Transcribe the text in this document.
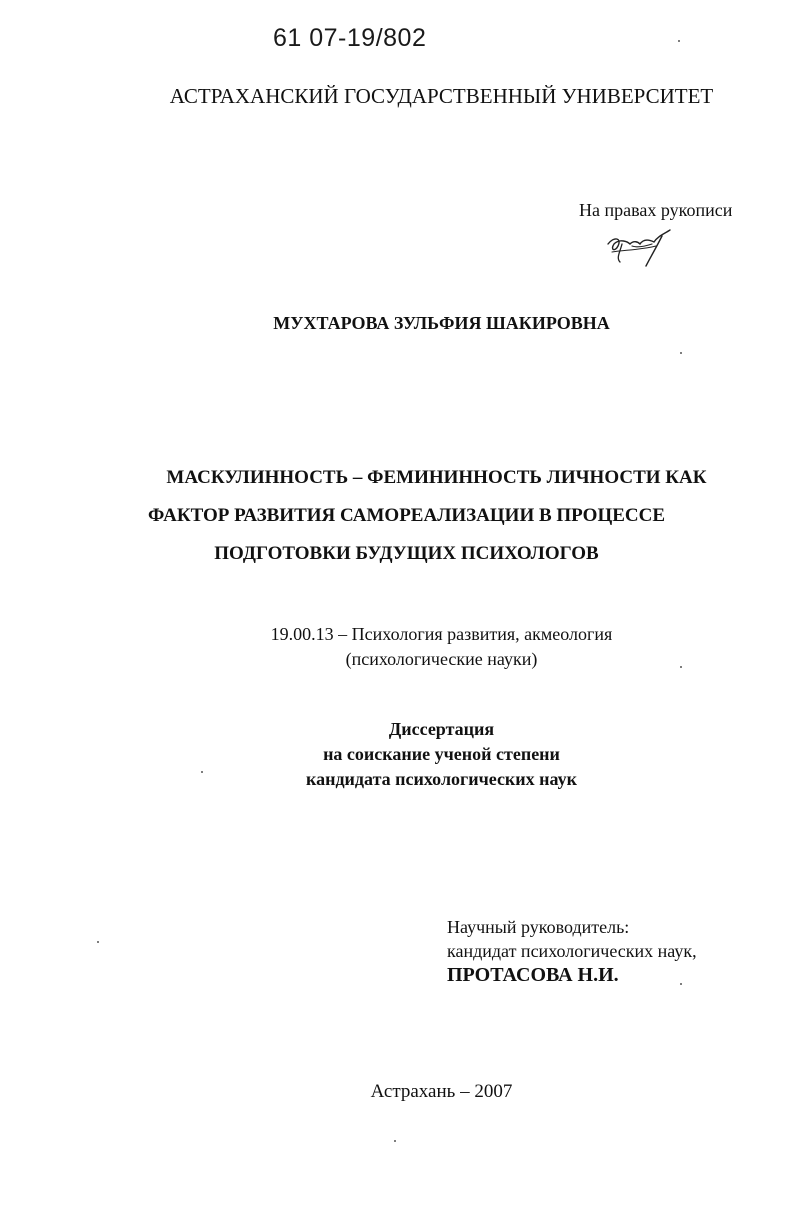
61 07-19/802
АСТРАХАНСКИЙ ГОСУДАРСТВЕННЫЙ УНИВЕРСИТЕТ
На правах рукописи
МУХТАРОВА ЗУЛЬФИЯ ШАКИРОВНА
МАСКУЛИННОСТЬ – ФЕМИНИННОСТЬ ЛИЧНОСТИ КАК
ФАКТОР РАЗВИТИЯ САМОРЕАЛИЗАЦИИ В ПРОЦЕССЕ
ПОДГОТОВКИ БУДУЩИХ ПСИХОЛОГОВ
19.00.13 – Психология развития, акмеология
(психологические науки)
Диссертация
на соискание ученой степени
кандидата психологических наук
Научный руководитель:
кандидат психологических наук,
ПРОТАСОВА Н.И.
Астрахань – 2007
